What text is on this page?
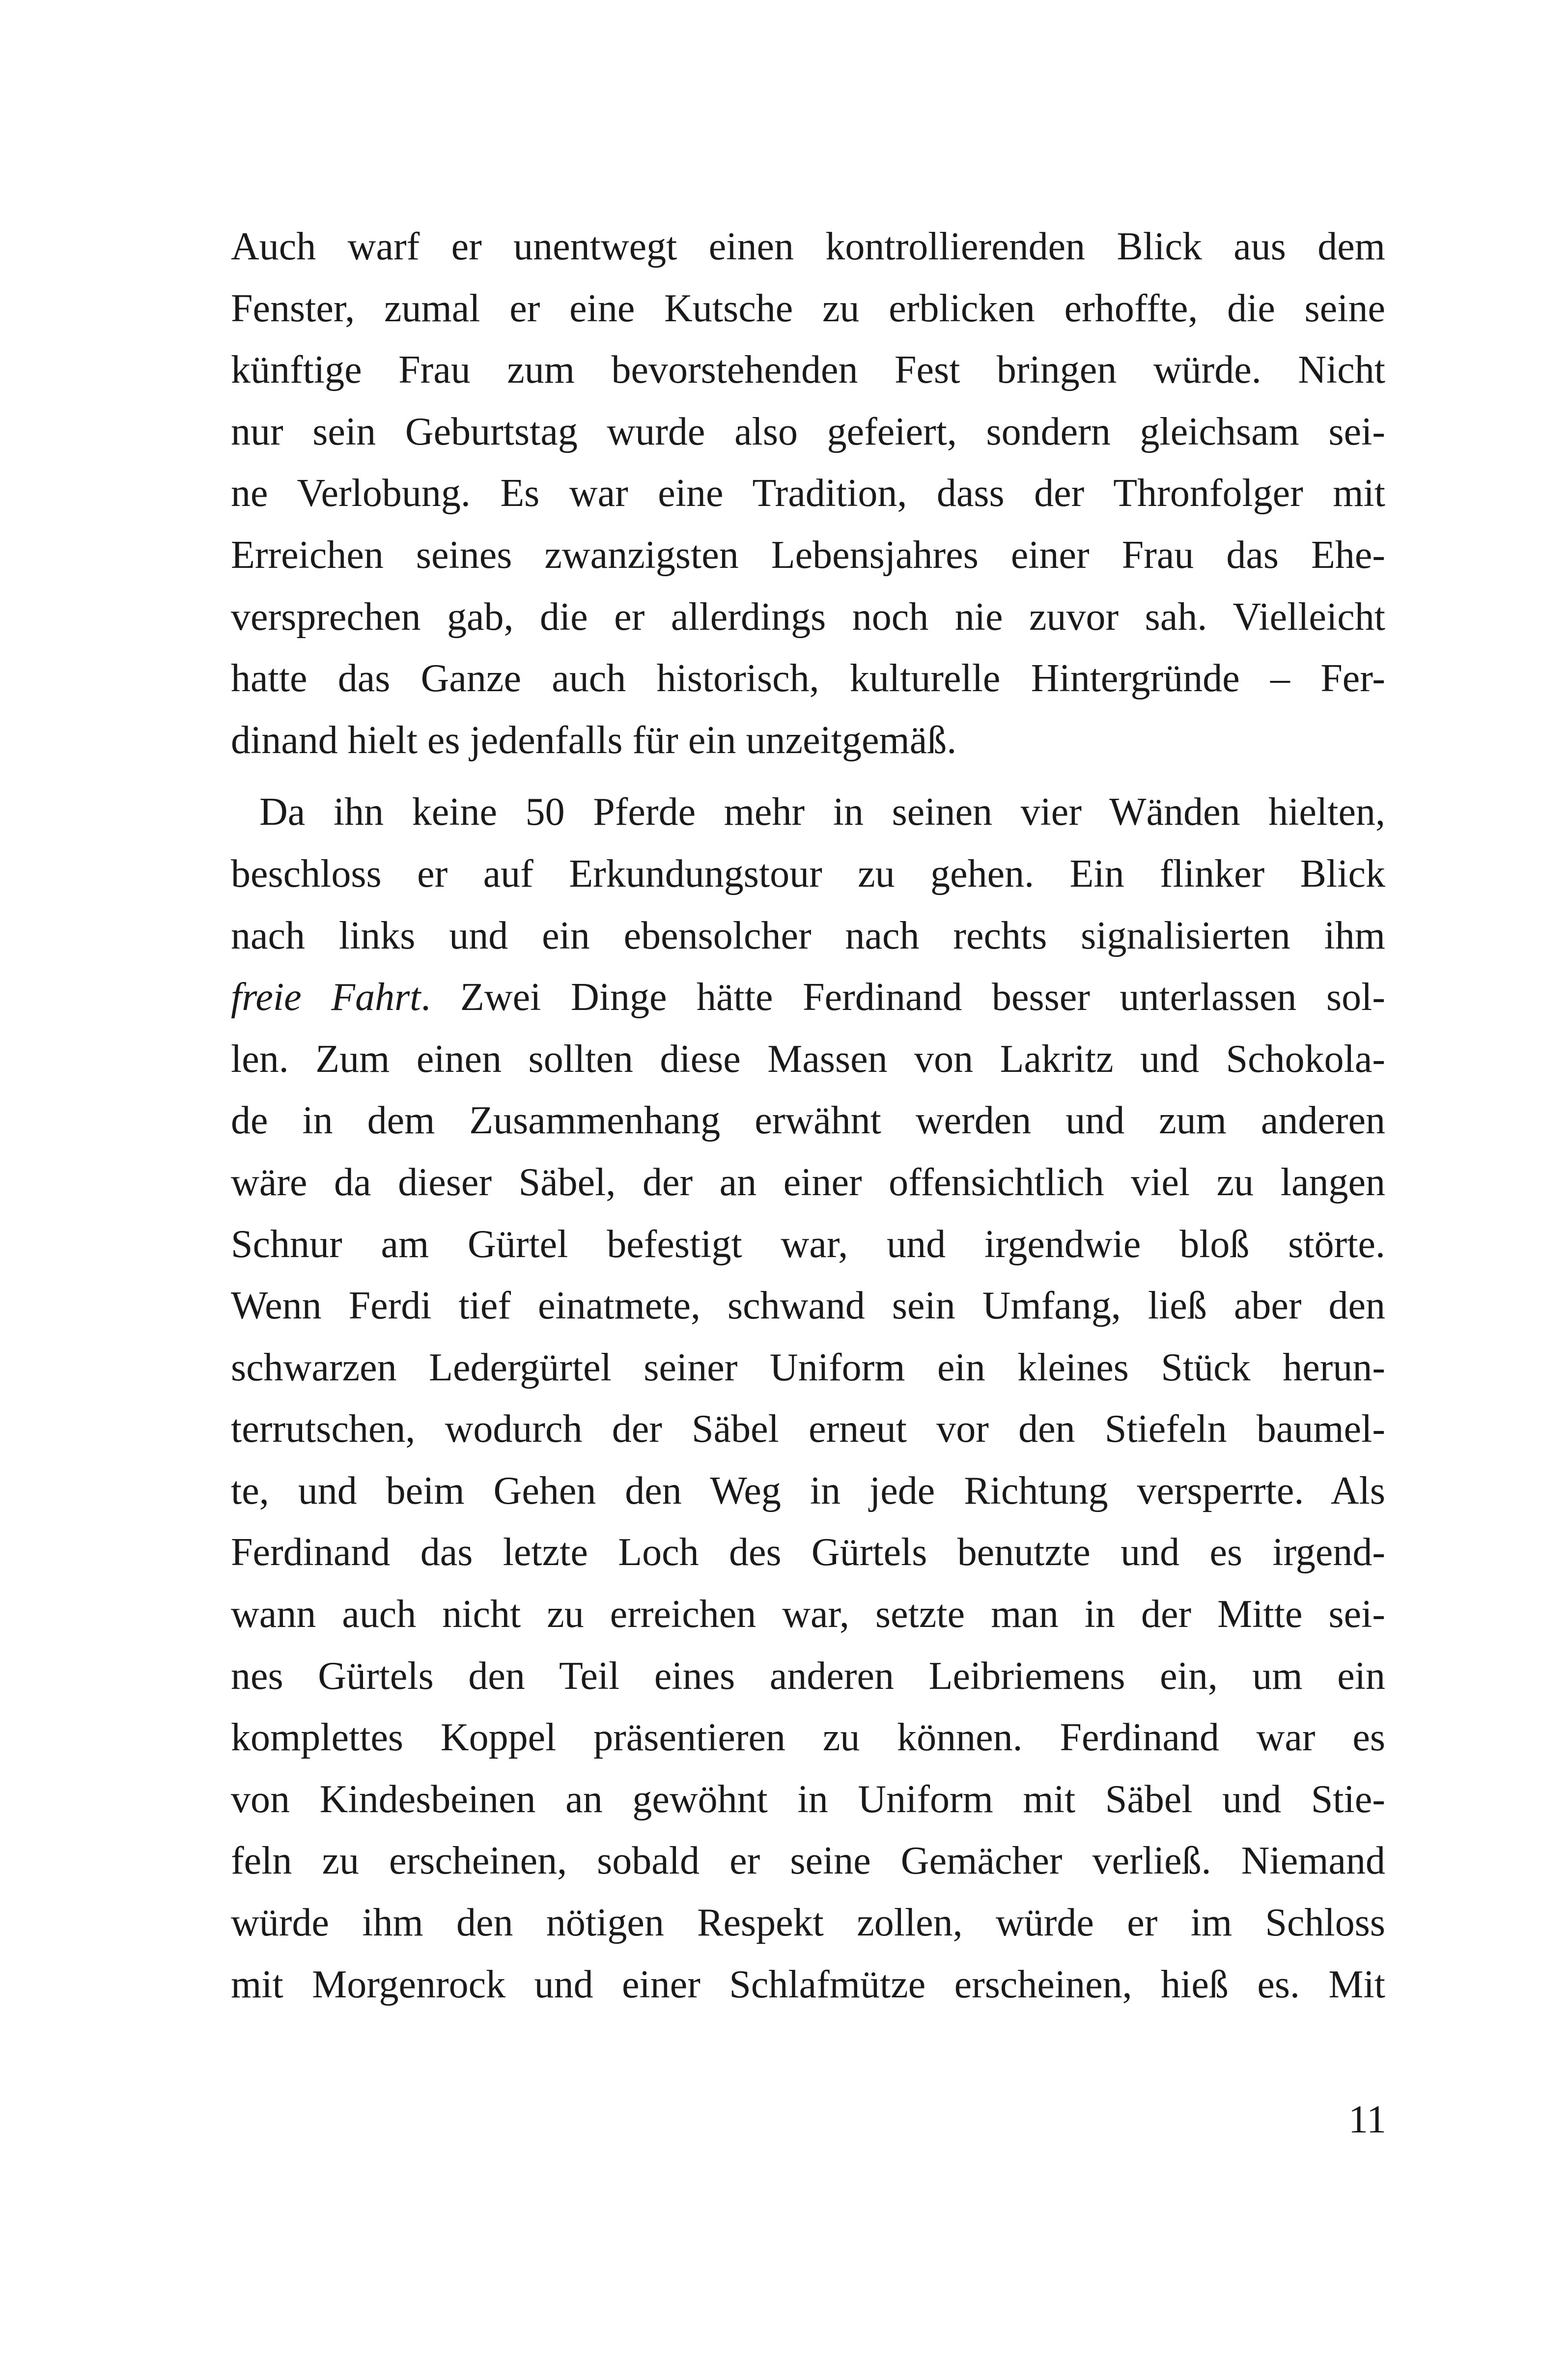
Auch warf er unentwegt einen kontrollierenden Blick aus dem
Fenster, zumal er eine Kutsche zu erblicken erhoffte, die seine
künftige Frau zum bevorstehenden Fest bringen würde. Nicht
nur sein Geburtstag wurde also gefeiert, sondern gleichsam sei-
ne Verlobung. Es war eine Tradition, dass der Thronfolger mit
Erreichen seines zwanzigsten Lebensjahres einer Frau das Ehe-
versprechen gab, die er allerdings noch nie zuvor sah. Vielleicht
hatte das Ganze auch historisch, kulturelle Hintergründe – Fer-
dinand hielt es jedenfalls für ein unzeitgemäß.
Da ihn keine 50 Pferde mehr in seinen vier Wänden hielten,
beschloss er auf Erkundungstour zu gehen. Ein flinker Blick
nach links und ein ebensolcher nach rechts signalisierten ihm
freie Fahrt. Zwei Dinge hätte Ferdinand besser unterlassen sol-
len. Zum einen sollten diese Massen von Lakritz und Schokola-
de in dem Zusammenhang erwähnt werden und zum anderen
wäre da dieser Säbel, der an einer offensichtlich viel zu langen
Schnur am Gürtel befestigt war, und irgendwie bloß störte.
Wenn Ferdi tief einatmete, schwand sein Umfang, ließ aber den
schwarzen Ledergürtel seiner Uniform ein kleines Stück herun-
terrutschen, wodurch der Säbel erneut vor den Stiefeln baumel-
te, und beim Gehen den Weg in jede Richtung versperrte. Als
Ferdinand das letzte Loch des Gürtels benutzte und es irgend-
wann auch nicht zu erreichen war, setzte man in der Mitte sei-
nes Gürtels den Teil eines anderen Leibriemens ein, um ein
komplettes Koppel präsentieren zu können. Ferdinand war es
von Kindesbeinen an gewöhnt in Uniform mit Säbel und Stie-
feln zu erscheinen, sobald er seine Gemächer verließ. Niemand
würde ihm den nötigen Respekt zollen, würde er im Schloss
mit Morgenrock und einer Schlafmütze erscheinen, hieß es. Mit
11
